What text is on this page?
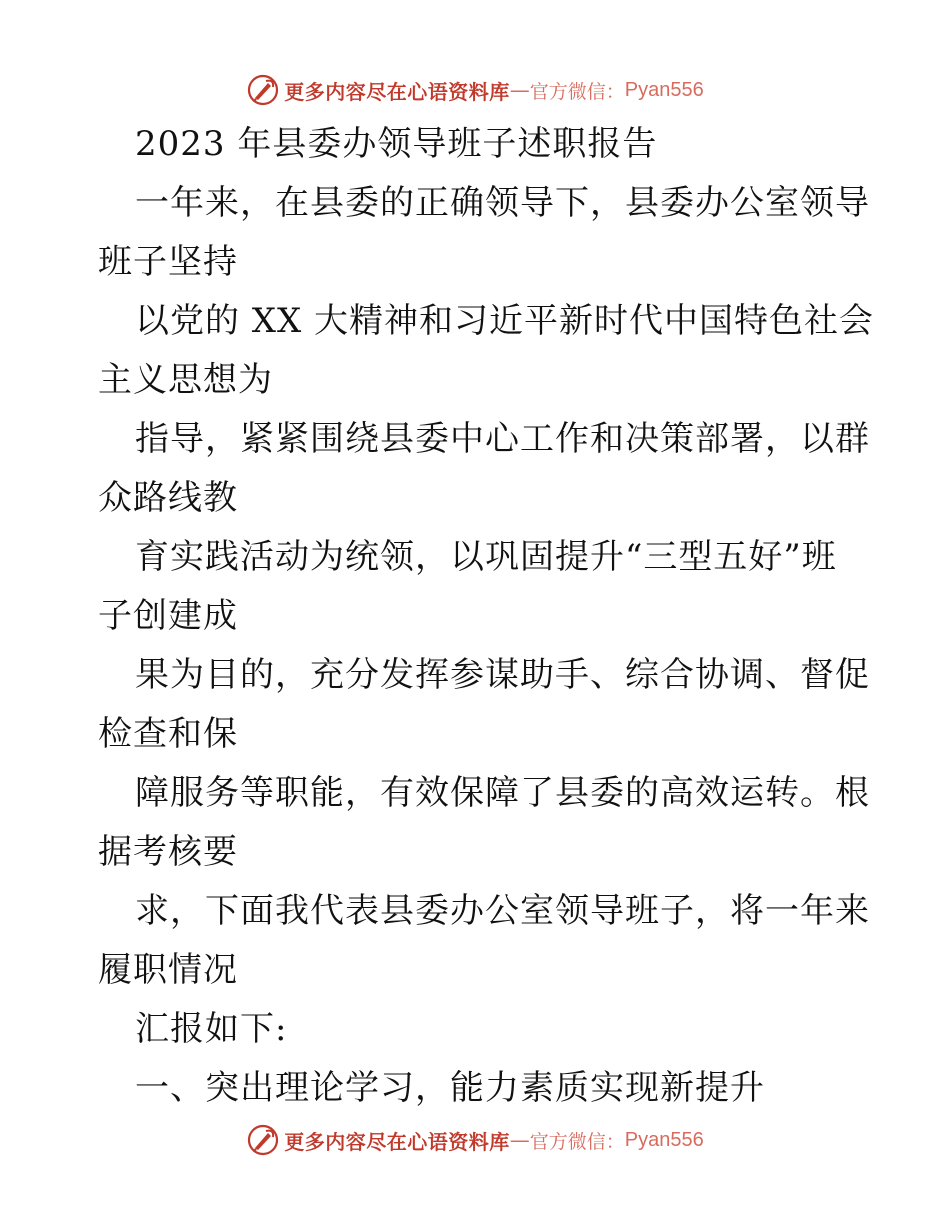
更多内容尽在心语资料库 — 官方微信： Pyan556
2023 年县委办领导班子述职报告
一年来，在县委的正确领导下，县委办公室领导
班子坚持
以党的 XX 大精神和习近平新时代中国特色社会
主义思想为
指导，紧紧围绕县委中心工作和决策部署，以群
众路线教
育实践活动为统领，以巩固提升“三型五好”班
子创建成
果为目的，充分发挥参谋助手、综合协调、督促
检查和保
障服务等职能，有效保障了县委的高效运转。根
据考核要
求，下面我代表县委办公室领导班子，将一年来
履职情况
汇报如下:
一、突出理论学习，能力素质实现新提升
更多内容尽在心语资料库 — 官方微信： Pyan556
